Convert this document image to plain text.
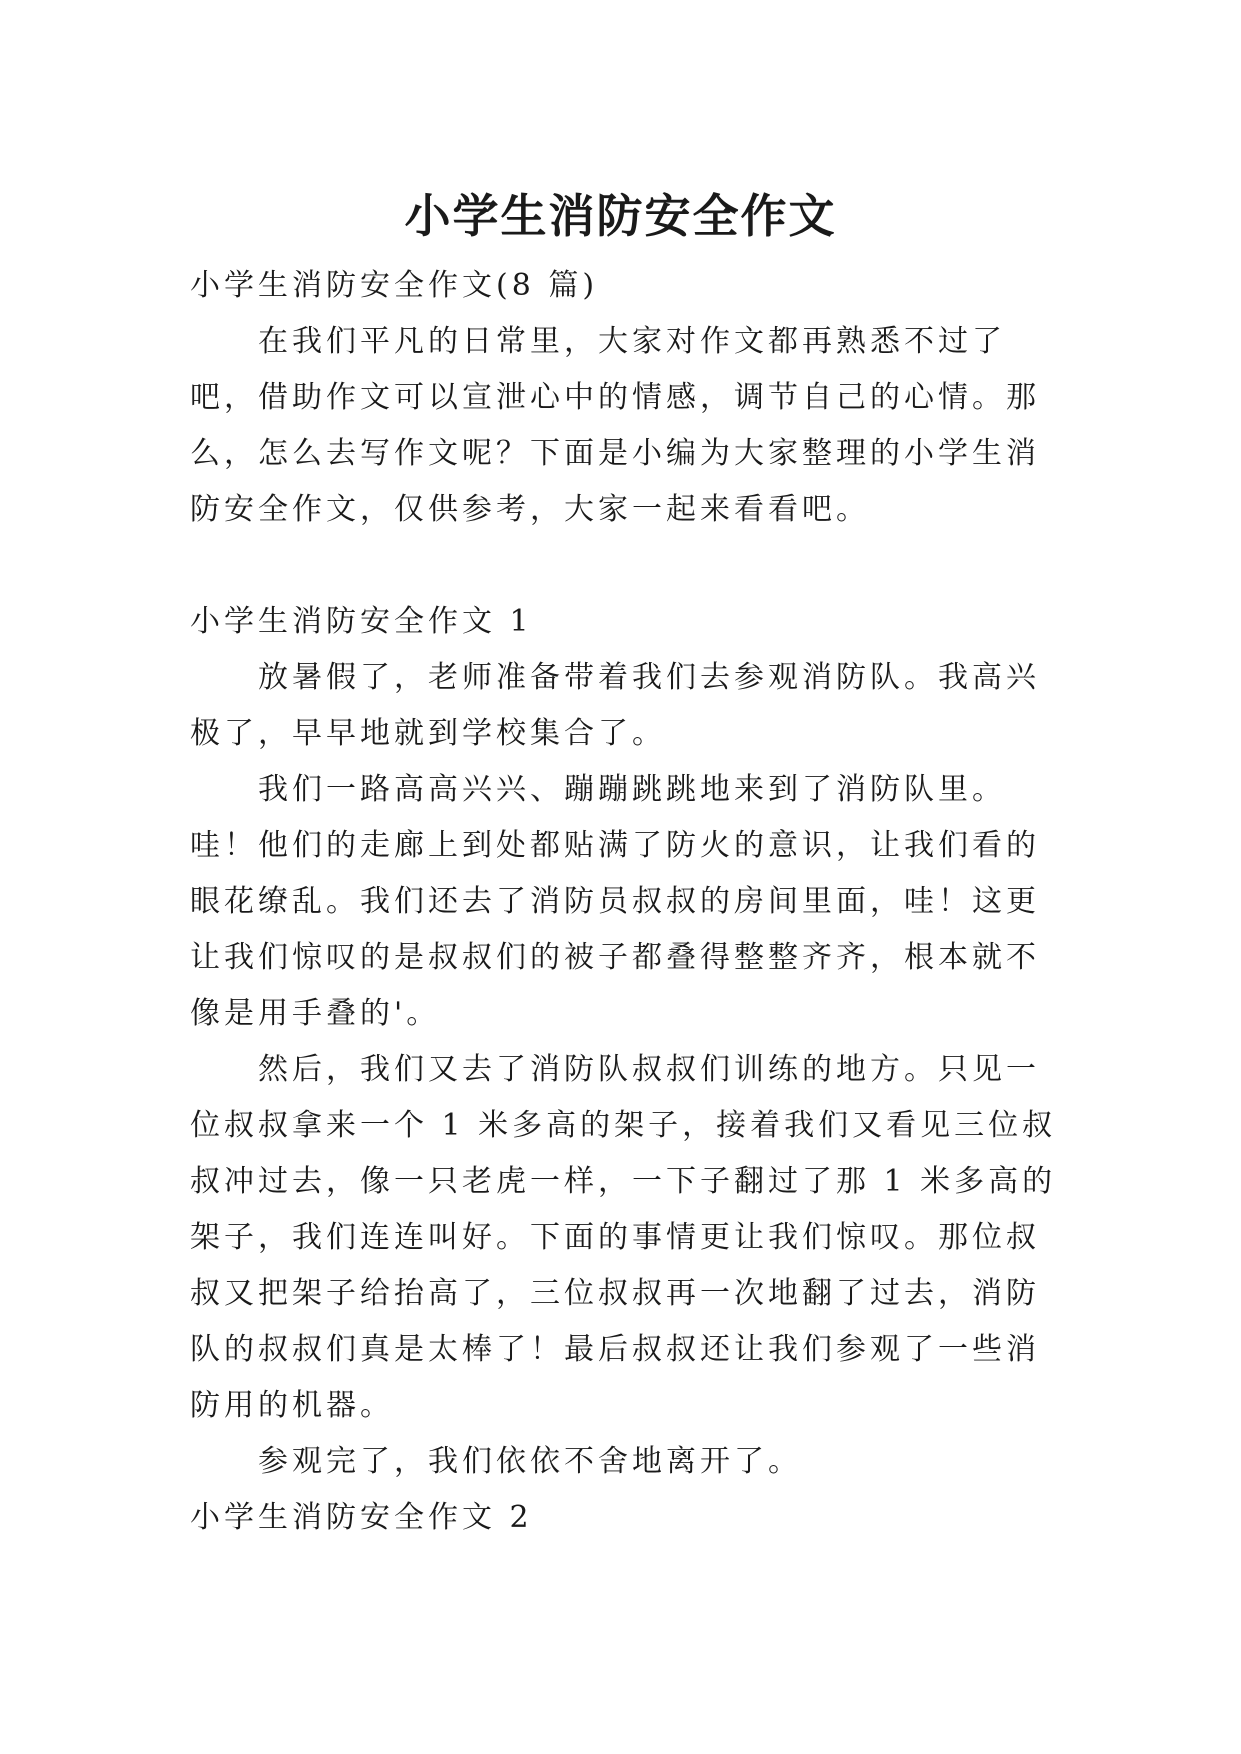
小学生消防安全作文

小学生消防安全作文(8 篇)

在我们平凡的日常里，大家对作文都再熟悉不过了吧，借助作文可以宣泄心中的情感，调节自己的心情。那么，怎么去写作文呢？下面是小编为大家整理的小学生消防安全作文，仅供参考，大家一起来看看吧。

小学生消防安全作文 1

放暑假了，老师准备带着我们去参观消防队。我高兴极了，早早地就到学校集合了。

我们一路高高兴兴、蹦蹦跳跳地来到了消防队里。哇！他们的走廊上到处都贴满了防火的意识，让我们看的眼花缭乱。我们还去了消防员叔叔的房间里面，哇！这更让我们惊叹的是叔叔们的被子都叠得整整齐齐，根本就不像是用手叠的'。

然后，我们又去了消防队叔叔们训练的地方。只见一位叔叔拿来一个 1 米多高的架子，接着我们又看见三位叔叔冲过去，像一只老虎一样，一下子翻过了那 1 米多高的架子，我们连连叫好。下面的事情更让我们惊叹。那位叔叔又把架子给抬高了，三位叔叔再一次地翻了过去，消防队的叔叔们真是太棒了！最后叔叔还让我们参观了一些消防用的机器。

参观完了，我们依依不舍地离开了。

小学生消防安全作文 2
